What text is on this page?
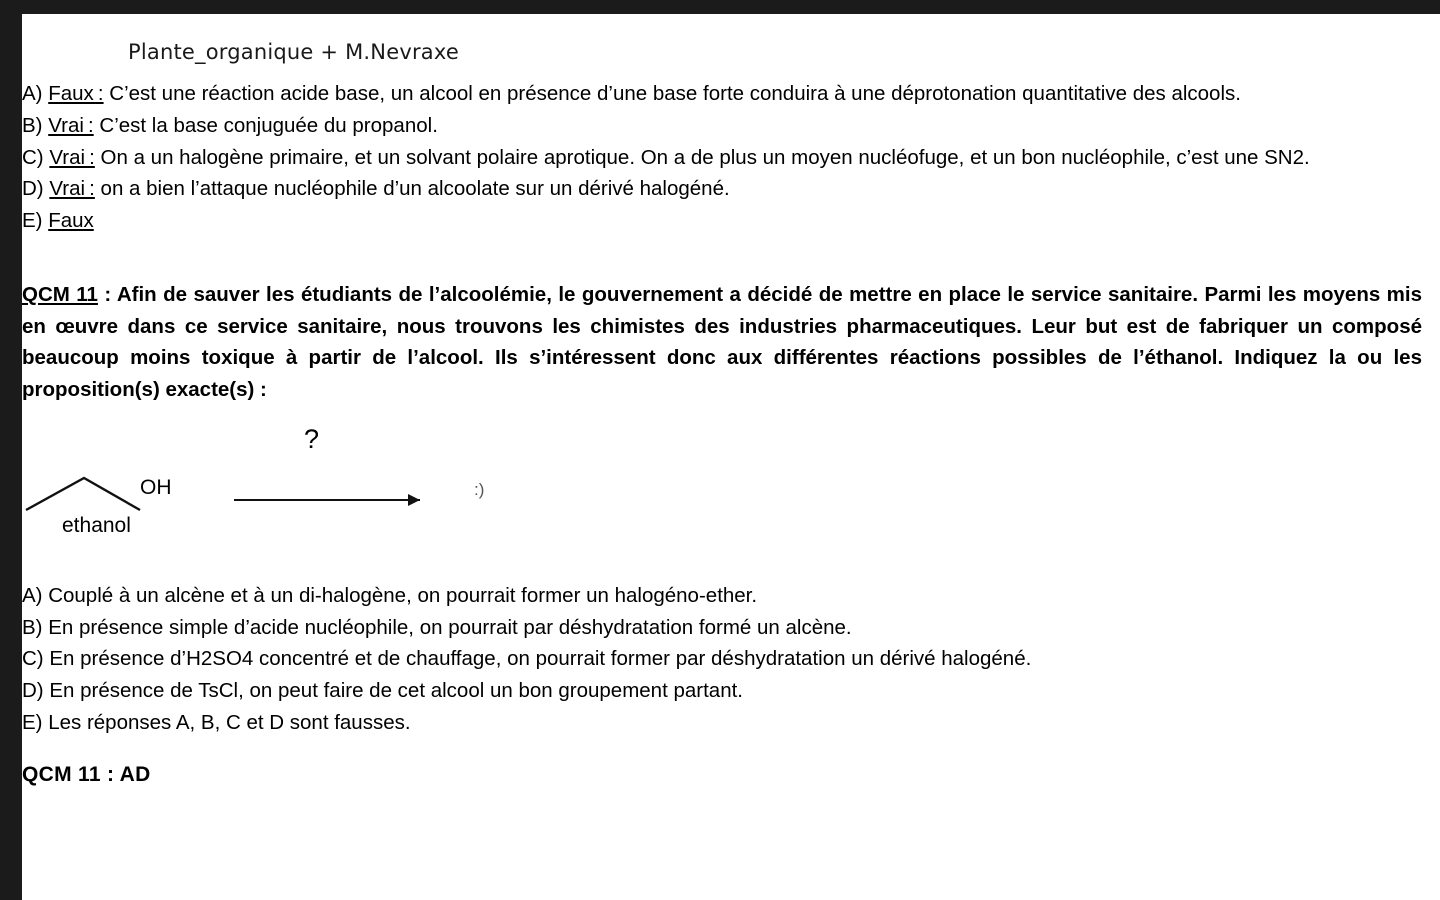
Plante_organique + M.Nevraxe

A) Faux : C’est une réaction acide base, un alcool en présence d’une base forte conduira à une déprotonation quantitative des alcools.

B) Vrai : C’est la base conjuguée du propanol.

C) Vrai : On a un halogène primaire, et un solvant polaire aprotique. On a de plus un moyen nucléofuge, et un bon nucléophile, c’est une SN2.

D) Vrai : on a bien l’attaque nucléophile d’un alcoolate sur un dérivé halogéné.

E) Faux

QCM 11 : Afin de sauver les étudiants de l’alcoolémie, le gouvernement a décidé de mettre en place le service sanitaire. Parmi les moyens mis en œuvre dans ce service sanitaire, nous trouvons les chimistes des industries pharmaceutiques. Leur but est de fabriquer un composé beaucoup moins toxique à partir de l’alcool. Ils s’intéressent donc aux différentes réactions possibles de l’éthanol. Indiquez la ou les proposition(s) exacte(s) :
?
OH
ethanol
:)

A) Couplé à un alcène et à un di-halogène, on pourrait former un halogéno-ether.

B) En présence simple d’acide nucléophile, on pourrait par déshydratation formé un alcène.

C) En présence d’H2SO4 concentré et de chauffage, on pourrait former par déshydratation un dérivé halogéné.

D) En présence de TsCl, on peut faire de cet alcool un bon groupement partant.

E) Les réponses A, B, C et D sont fausses.

QCM 11 : AD
